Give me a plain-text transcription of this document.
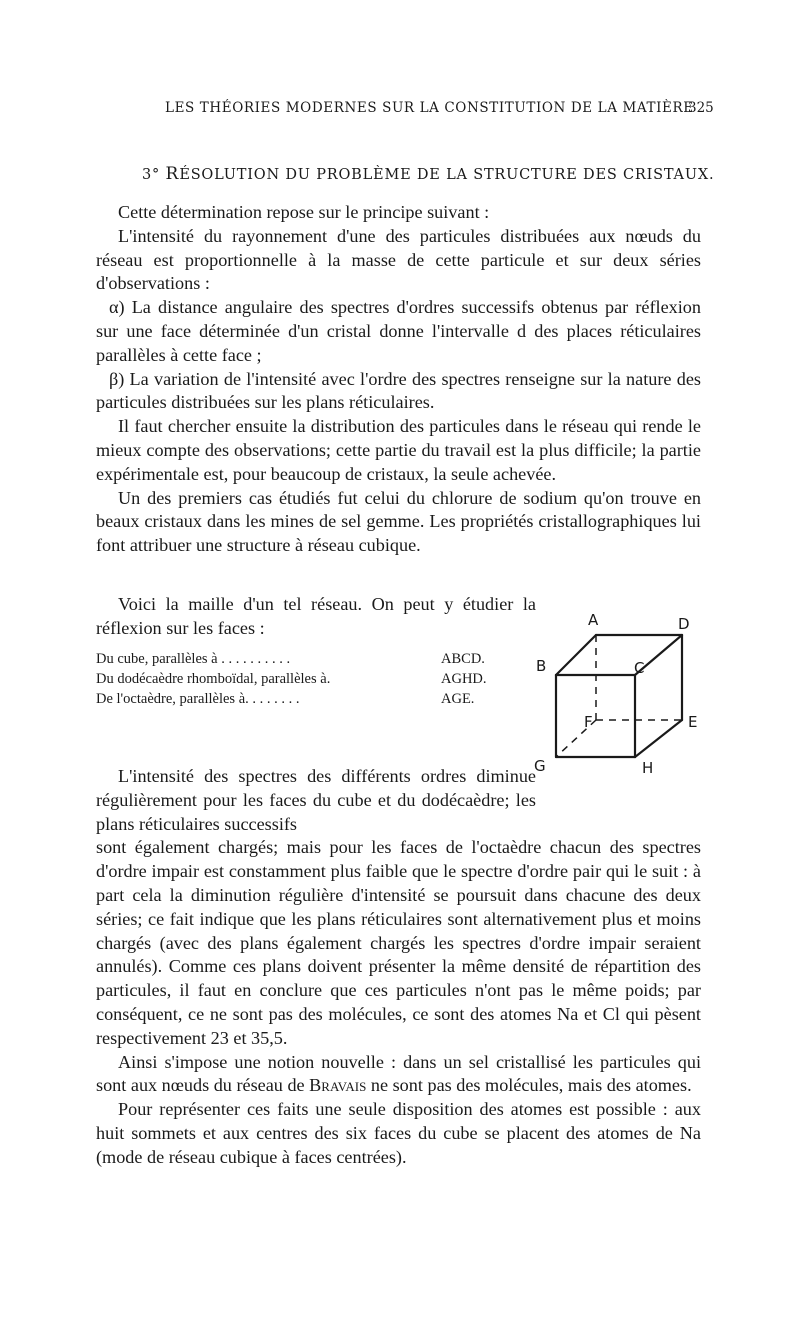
LES THÉORIES MODERNES SUR LA CONSTITUTION DE LA MATIÈRE
325
3° RÉSOLUTION DU PROBLÈME DE LA STRUCTURE DES CRISTAUX.

Cette détermination repose sur le principe suivant :

L'intensité du rayonnement d'une des particules distribuées aux nœuds du réseau est proportionnelle à la masse de cette particule et sur deux séries d'observations :

α) La distance angulaire des spectres d'ordres successifs obtenus par réflexion sur une face déterminée d'un cristal donne l'intervalle d des places réticulaires parallèles à cette face ;

β) La variation de l'intensité avec l'ordre des spectres renseigne sur la nature des particules distribuées sur les plans réticulaires.

Il faut chercher ensuite la distribution des particules dans le réseau qui rende le mieux compte des observations; cette partie du travail est la plus difficile; la partie expérimentale est, pour beaucoup de cristaux, la seule achevée.

Un des premiers cas étudiés fut celui du chlorure de sodium qu'on trouve en beaux cristaux dans les mines de sel gemme. Les propriétés cristallographiques lui font attribuer une structure à réseau cubique.

Voici la maille d'un tel réseau. On peut y étudier la réflexion sur les faces :

Du cube, parallèles à . . . . . . . . . .	ABCD.
Du dodécaèdre rhomboïdal, parallèles à.	AGHD.
De l'octaèdre, parallèles à. . . . . . . .	AGE.

L'intensité des spectres des différents ordres diminue régulièrement pour les faces du cube et du dodécaèdre; les plans réticulaires successifs

sont également chargés; mais pour les faces de l'octaèdre chacun des spectres d'ordre impair est constamment plus faible que le spectre d'ordre pair qui le suit : à part cela la diminution régulière d'intensité se poursuit dans chacune des deux séries; ce fait indique que les plans réticulaires sont alternativement plus et moins chargés (avec des plans également chargés les spectres d'ordre impair seraient annulés). Comme ces plans doivent présenter la même densité de répartition des particules, il faut en conclure que ces particules n'ont pas le même poids; par conséquent, ce ne sont pas des molécules, ce sont des atomes Na et Cl qui pèsent respectivement 23 et 35,5.

Ainsi s'impose une notion nouvelle : dans un sel cristallisé les particules qui sont aux nœuds du réseau de Bravais ne sont pas des molécules, mais des atomes.

Pour représenter ces faits une seule disposition des atomes est possible : aux huit sommets et aux centres des six faces du cube se placent des atomes de Na (mode de réseau cubique à faces centrées).

A	D
B	C
F	E
G	H
